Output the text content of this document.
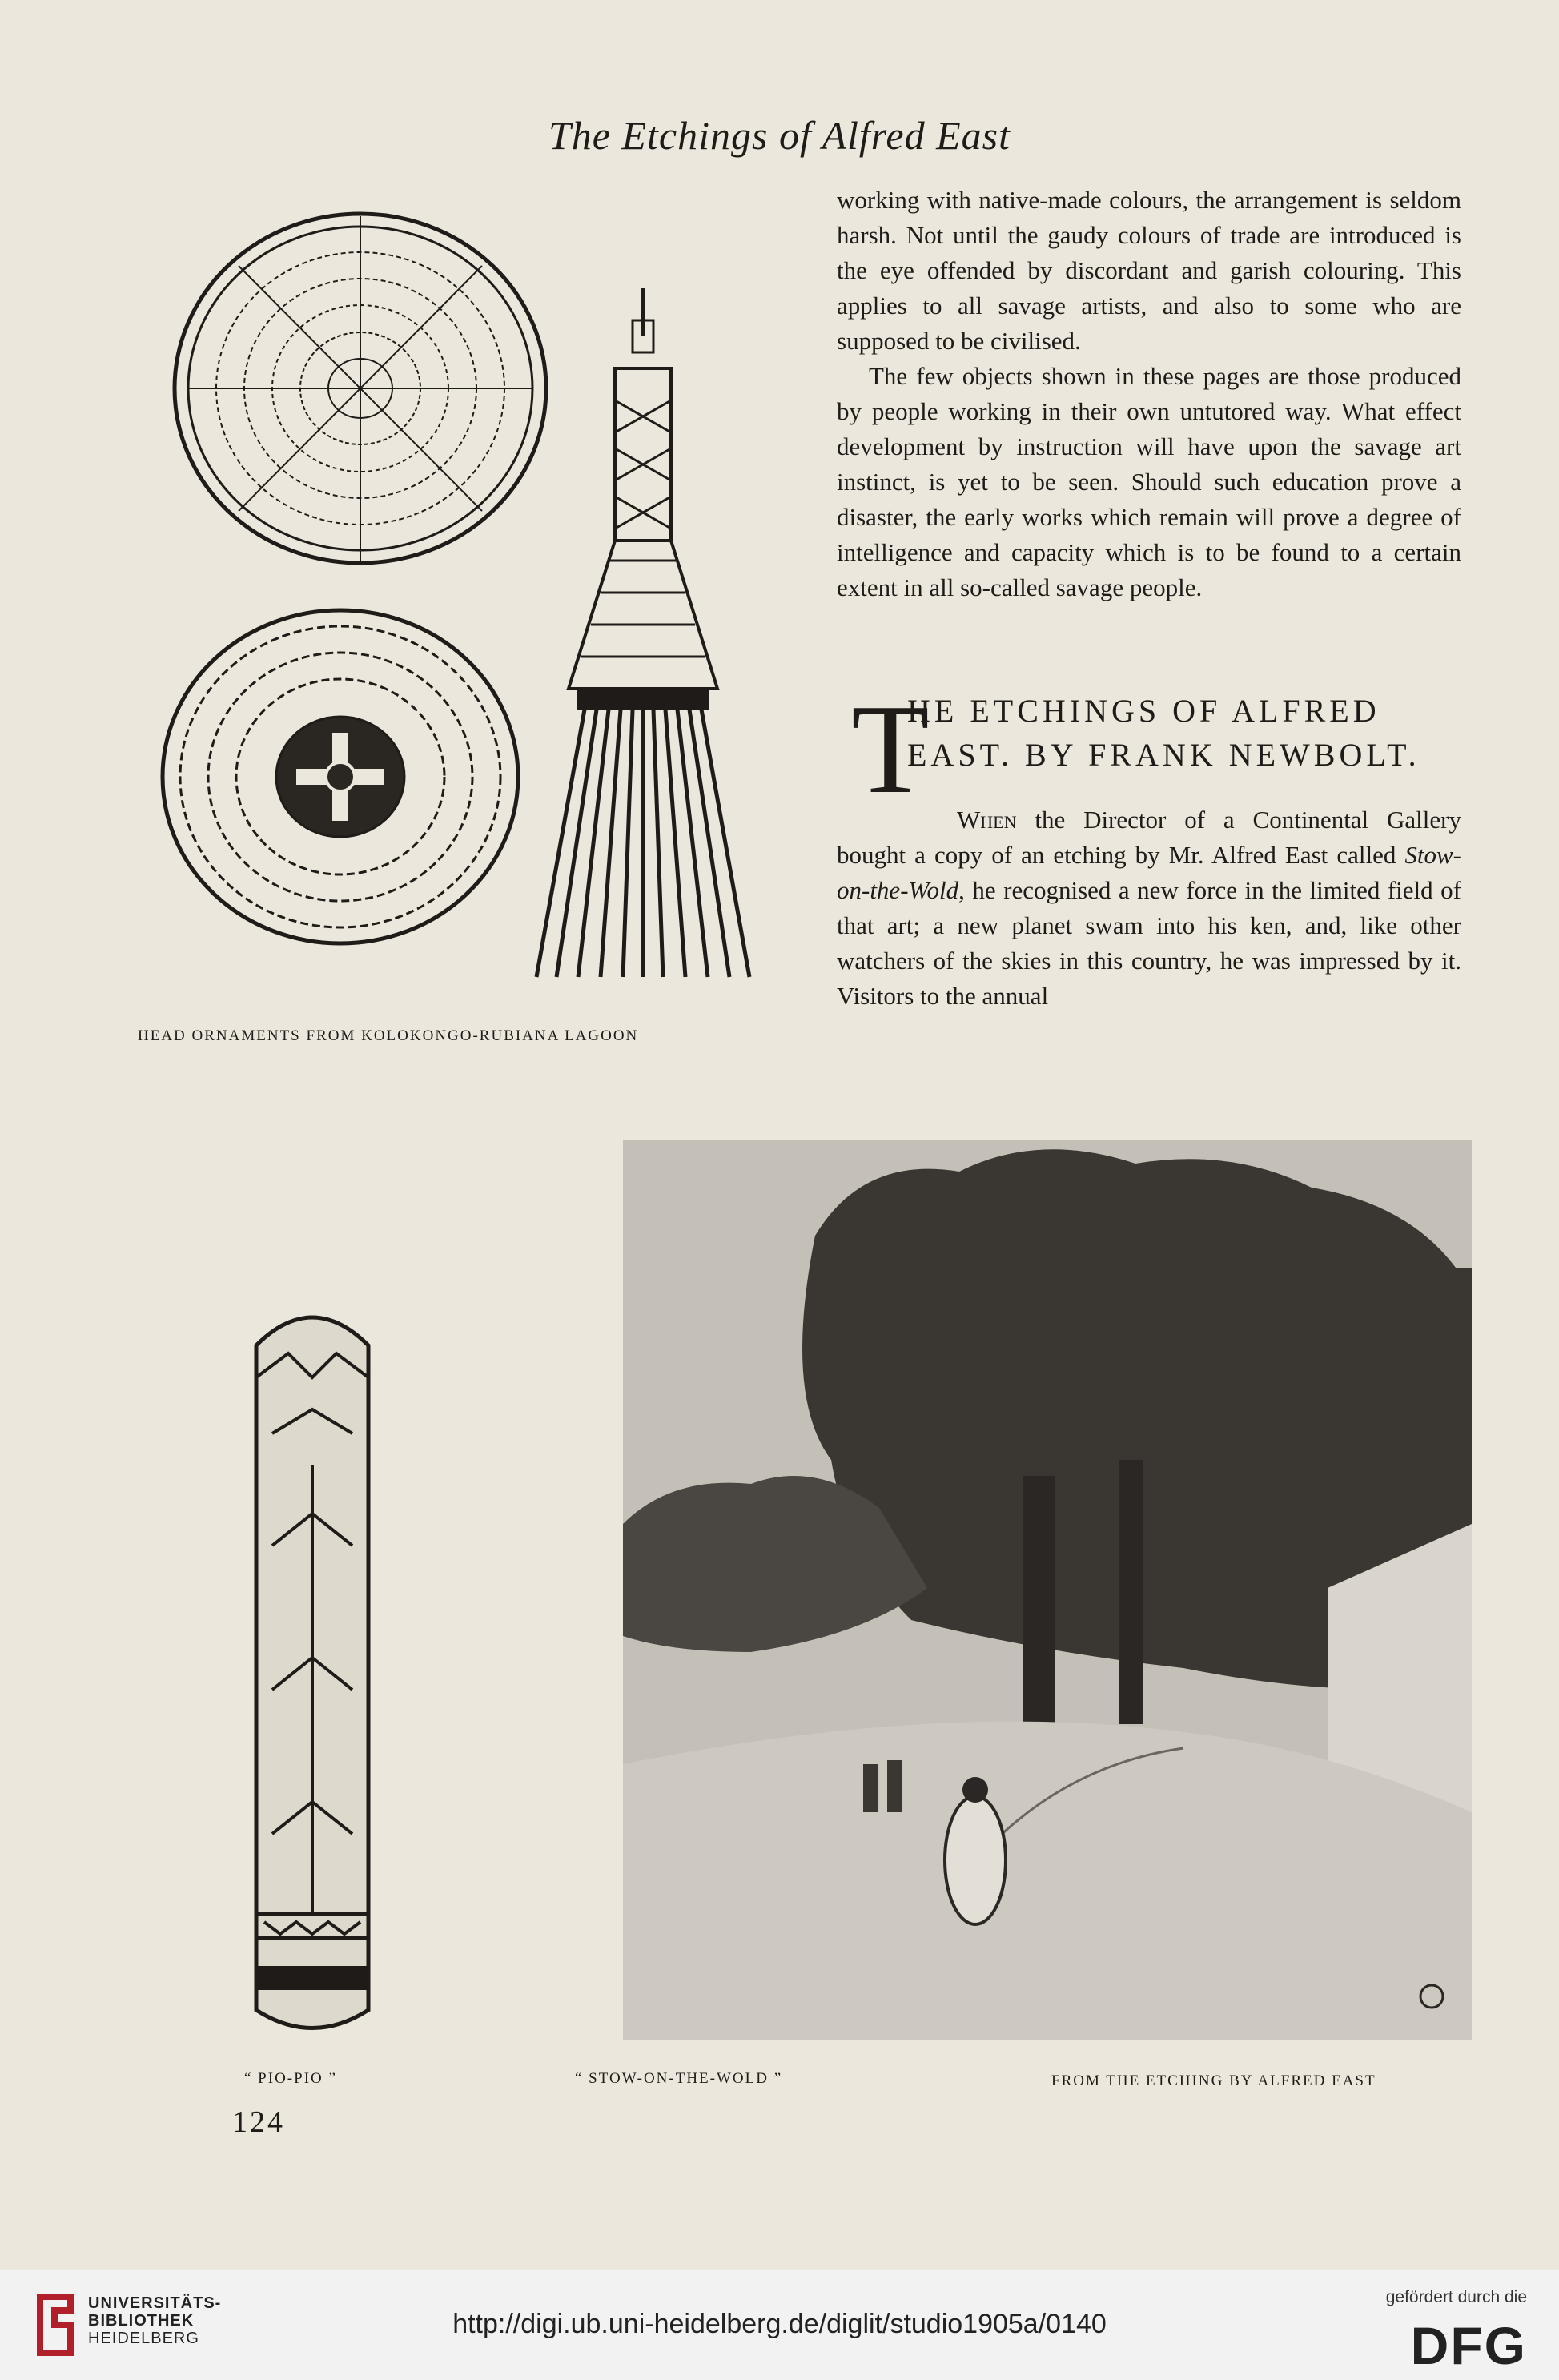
The Etchings of Alfred East
HEAD ORNAMENTS FROM KOLOKONGO-RUBIANA LAGOON

working with native-made colours, the arrangement is seldom harsh. Not until the gaudy colours of trade are introduced is the eye offended by discordant and garish colouring. This applies to all savage artists, and also to some who are supposed to be civilised.

The few objects shown in these pages are those produced by people working in their own untutored way. What effect development by instruction will have upon the savage art instinct, is yet to be seen. Should such education prove a disaster, the early works which remain will prove a degree of intelligence and capacity which is to be found to a certain extent in all so-called savage people.

T
HE ETCHINGS OF ALFRED
EAST. BY FRANK NEWBOLT.

When the Director of a Continental Gallery bought a copy of an etching by Mr. Alfred East called Stow-on-the-Wold, he recognised a new force in the limited field of that art; a new planet swam into his ken, and, like other watchers of the skies in this country, he was impressed by it. Visitors to the annual

“ PIO-PIO ”	“ STOW-ON-THE-WOLD ”	FROM THE ETCHING BY ALFRED EAST
124
UNIVERSITÄTS-
BIBLIOTHEK
HEIDELBERG	http://digi.ub.uni-heidelberg.de/diglit/studio1905a/0140
gefördert durch die
DFG
